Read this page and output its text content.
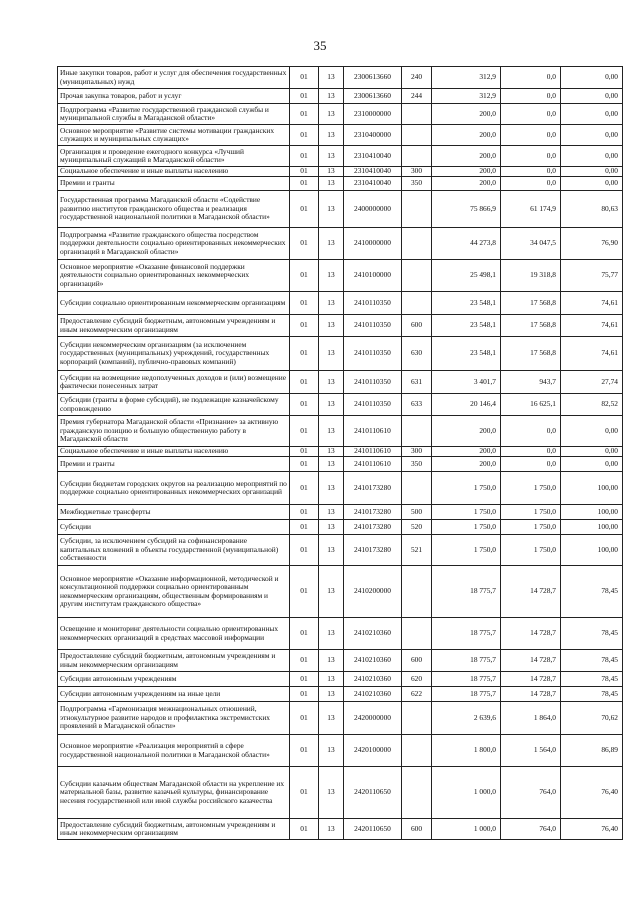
35
Иные закупки товаров, работ и услуг для обеспечения государственных (муниципальных) нужд	01	13	2300613660	240	312,9	0,0	0,00
Прочая закупка товаров, работ и услуг	01	13	2300613660	244	312,9	0,0	0,00
Подпрограмма «Развитие государственной гражданской службы и муниципальной службы в Магаданской области»	01	13	2310000000		200,0	0,0	0,00
Основное мероприятие «Развитие системы мотивации гражданских служащих и муниципальных служащих»	01	13	2310400000		200,0	0,0	0,00
Организация и проведение ежегодного конкурса «Лучший муниципальный служащий в Магаданской области»	01	13	2310410040		200,0	0,0	0,00
Социальное обеспечение и иные выплаты населению	01	13	2310410040	300	200,0	0,0	0,00
Премии и гранты	01	13	2310410040	350	200,0	0,0	0,00
Государственная программа Магаданской области «Содействие развитию институтов гражданского общества и реализация государственной национальной политики в Магаданской области»	01	13	2400000000		75 866,9	61 174,9	80,63
Подпрограмма «Развитие гражданского общества посредством поддержки деятельности социально ориентированных некоммерческих организаций в Магаданской области»	01	13	2410000000		44 273,8	34 047,5	76,90
Основное мероприятие «Оказание финансовой поддержки деятельности социально ориентированных некоммерческих организаций»	01	13	2410100000		25 498,1	19 318,8	75,77
Субсидии социально ориентированным некоммерческим организациям	01	13	2410110350		23 548,1	17 568,8	74,61
Предоставление субсидий бюджетным, автономным учреждениям и иным некоммерческим организациям	01	13	2410110350	600	23 548,1	17 568,8	74,61
Субсидии некоммерческим организациям (за исключением государственных (муниципальных) учреждений, государственных корпораций (компаний), публично-правовых компаний)	01	13	2410110350	630	23 548,1	17 568,8	74,61
Субсидии на возмещение недополученных доходов и (или) возмещение фактически понесенных затрат	01	13	2410110350	631	3 401,7	943,7	27,74
Субсидии (гранты в форме субсидий), не подлежащие казначейскому сопровождению	01	13	2410110350	633	20 146,4	16 625,1	82,52
Премия губернатора Магаданской области «Признание» за активную гражданскую позицию и большую общественную работу в Магаданской области	01	13	2410110610		200,0	0,0	0,00
Социальное обеспечение и иные выплаты населению	01	13	2410110610	300	200,0	0,0	0,00
Премии и гранты	01	13	2410110610	350	200,0	0,0	0,00
Субсидии бюджетам городских округов на реализацию мероприятий по поддержке социально ориентированных некоммерческих организаций	01	13	2410173280		1 750,0	1 750,0	100,00
Межбюджетные трансферты	01	13	2410173280	500	1 750,0	1 750,0	100,00
Субсидии	01	13	2410173280	520	1 750,0	1 750,0	100,00
Субсидии, за исключением субсидий на софинансирование капитальных вложений в объекты государственной (муниципальной) собственности	01	13	2410173280	521	1 750,0	1 750,0	100,00
Основное мероприятие «Оказание информационной, методической и консультационной поддержки социально ориентированным некоммерческим организациям, общественным формированиям и другим институтам гражданского общества»	01	13	2410200000		18 775,7	14 728,7	78,45
Освещение и мониторинг деятельности социально ориентированных некоммерческих организаций в средствах массовой информации	01	13	2410210360		18 775,7	14 728,7	78,45
Предоставление субсидий бюджетным, автономным учреждениям и иным некоммерческим организациям	01	13	2410210360	600	18 775,7	14 728,7	78,45
Субсидии автономным учреждениям	01	13	2410210360	620	18 775,7	14 728,7	78,45
Субсидии автономным учреждениям на иные цели	01	13	2410210360	622	18 775,7	14 728,7	78,45
Подпрограмма «Гармонизация межнациональных отношений, этнокультурное развитие народов и профилактика экстремистских проявлений в Магаданской области»	01	13	2420000000		2 639,6	1 864,0	70,62
Основное мероприятие «Реализация мероприятий в сфере государственной национальной политики в Магаданской области»	01	13	2420100000		1 800,0	1 564,0	86,89
Субсидии казачьим обществам Магаданской области на укрепление их материальной базы, развитие казачьей культуры, финансирование несения государственной или иной службы российского казачества	01	13	2420110650		1 000,0	764,0	76,40
Предоставление субсидий бюджетным, автономным учреждениям и иным некоммерческим организациям	01	13	2420110650	600	1 000,0	764,0	76,40
